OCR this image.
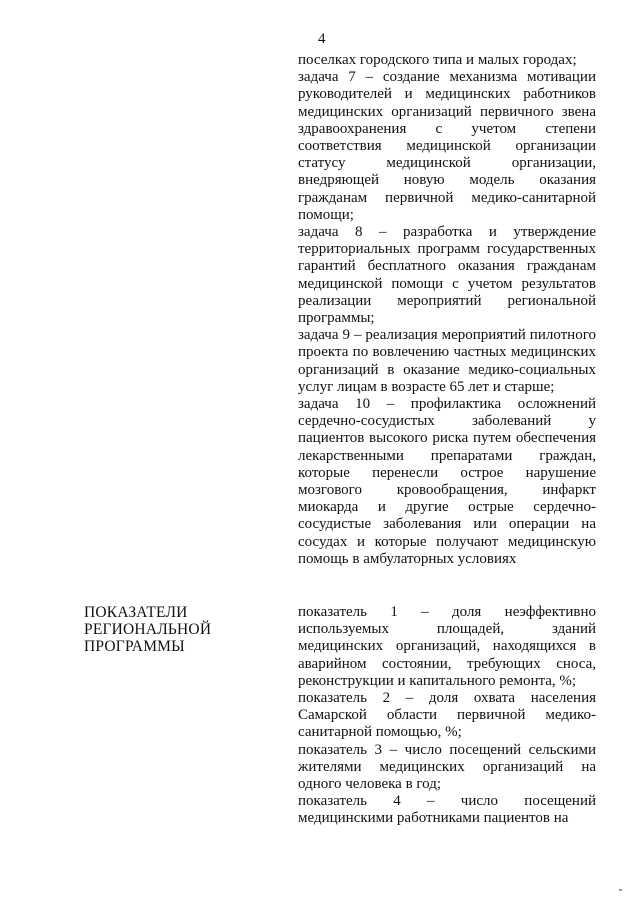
4
поселках городского типа и малых городах;
задача 7 – создание механизма мотивации руководителей и медицинских работников медицинских организаций первичного звена здравоохранения с учетом степени соответствия медицинской организации статусу медицинской организации, внедряющей новую модель оказания гражданам первичной медико-санитарной помощи;
задача 8 – разработка и утверждение территориальных программ государственных гарантий бесплатного оказания гражданам медицинской помощи с учетом результатов реализации мероприятий региональной программы;
задача 9 – реализация мероприятий пилотного проекта по вовлечению частных медицинских организаций в оказание медико-социальных услуг лицам в возрасте 65 лет и старше;
задача 10 – профилактика осложнений сердечно-сосудистых заболеваний у пациентов высокого риска путем обеспечения лекарственными препаратами граждан, которые перенесли острое нарушение мозгового кровообращения, инфаркт миокарда и другие острые сердечно-сосудистые заболевания или операции на сосудах и которые получают медицинскую помощь в амбулаторных условиях
ПОКАЗАТЕЛИ
РЕГИОНАЛЬНОЙ
ПРОГРАММЫ
показатель 1 – доля неэффективно используемых площадей, зданий медицинских организаций, находящихся в аварийном состоянии, требующих сноса, реконструкции и капитального ремонта, %;
показатель 2 – доля охвата населения Самарской области первичной медико-санитарной помощью, %;
показатель 3 – число посещений сельскими жителями медицинских организаций на одного человека в год;
показатель 4 – число посещений медицинскими работниками пациентов на
